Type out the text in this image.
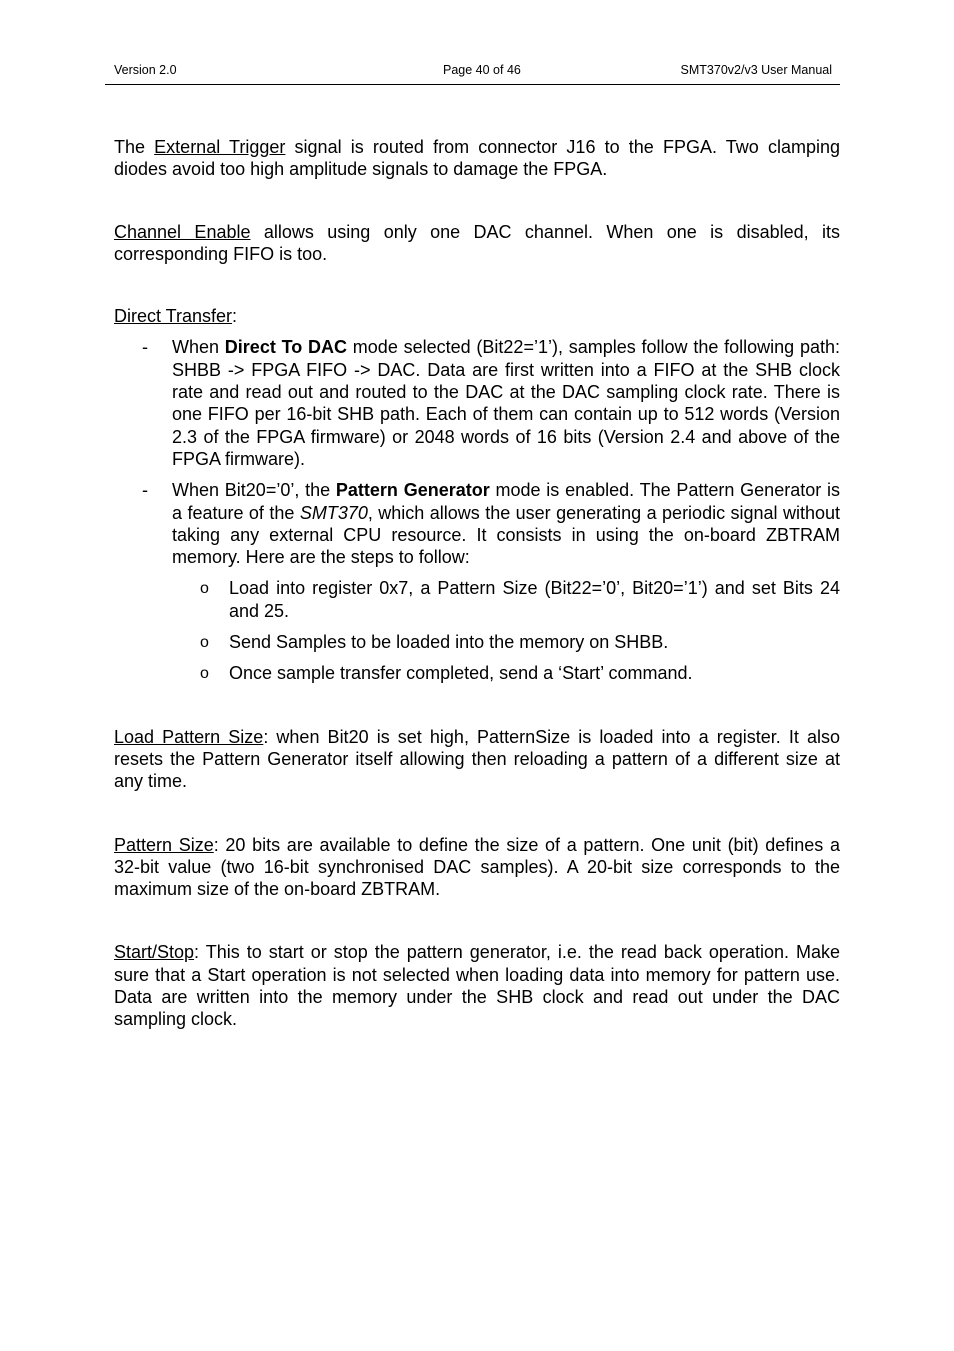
Version 2.0	Page 40 of 46	SMT370v2/v3 User Manual

The External Trigger signal is routed from connector J16 to the FPGA. Two clamping diodes avoid too high amplitude signals to damage the FPGA.

Channel Enable allows using only one DAC channel. When one is disabled, its corresponding FIFO is too.

Direct Transfer:

- When Direct To DAC mode selected (Bit22=’1’), samples follow the following path: SHBB -> FPGA FIFO -> DAC. Data are first written into a FIFO at the SHB clock rate and read out and routed to the DAC at the DAC sampling clock rate. There is one FIFO per 16-bit SHB path. Each of them can contain up to 512 words (Version 2.3 of the FPGA firmware) or 2048 words of 16 bits (Version 2.4 and above of the FPGA firmware).

- When Bit20=’0’, the Pattern Generator mode is enabled. The Pattern Generator is a feature of the SMT370, which allows the user generating a periodic signal without taking any external CPU resource. It consists in using the on-board ZBTRAM memory. Here are the steps to follow:

o Load into register 0x7, a Pattern Size (Bit22=’0’, Bit20=’1’) and set Bits 24 and 25.

o Send Samples to be loaded into the memory on SHBB.

o Once sample transfer completed, send a ‘Start’ command.

Load Pattern Size: when Bit20 is set high, PatternSize is loaded into a register. It also resets the Pattern Generator itself allowing then reloading a pattern of a different size at any time.

Pattern Size: 20 bits are available to define the size of a pattern. One unit (bit) defines a 32-bit value (two 16-bit synchronised DAC samples). A 20-bit size corresponds to the maximum size of the on-board ZBTRAM.

Start/Stop: This to start or stop the pattern generator, i.e. the read back operation. Make sure that a Start operation is not selected when loading data into memory for pattern use. Data are written into the memory under the SHB clock and read out under the DAC sampling clock.
